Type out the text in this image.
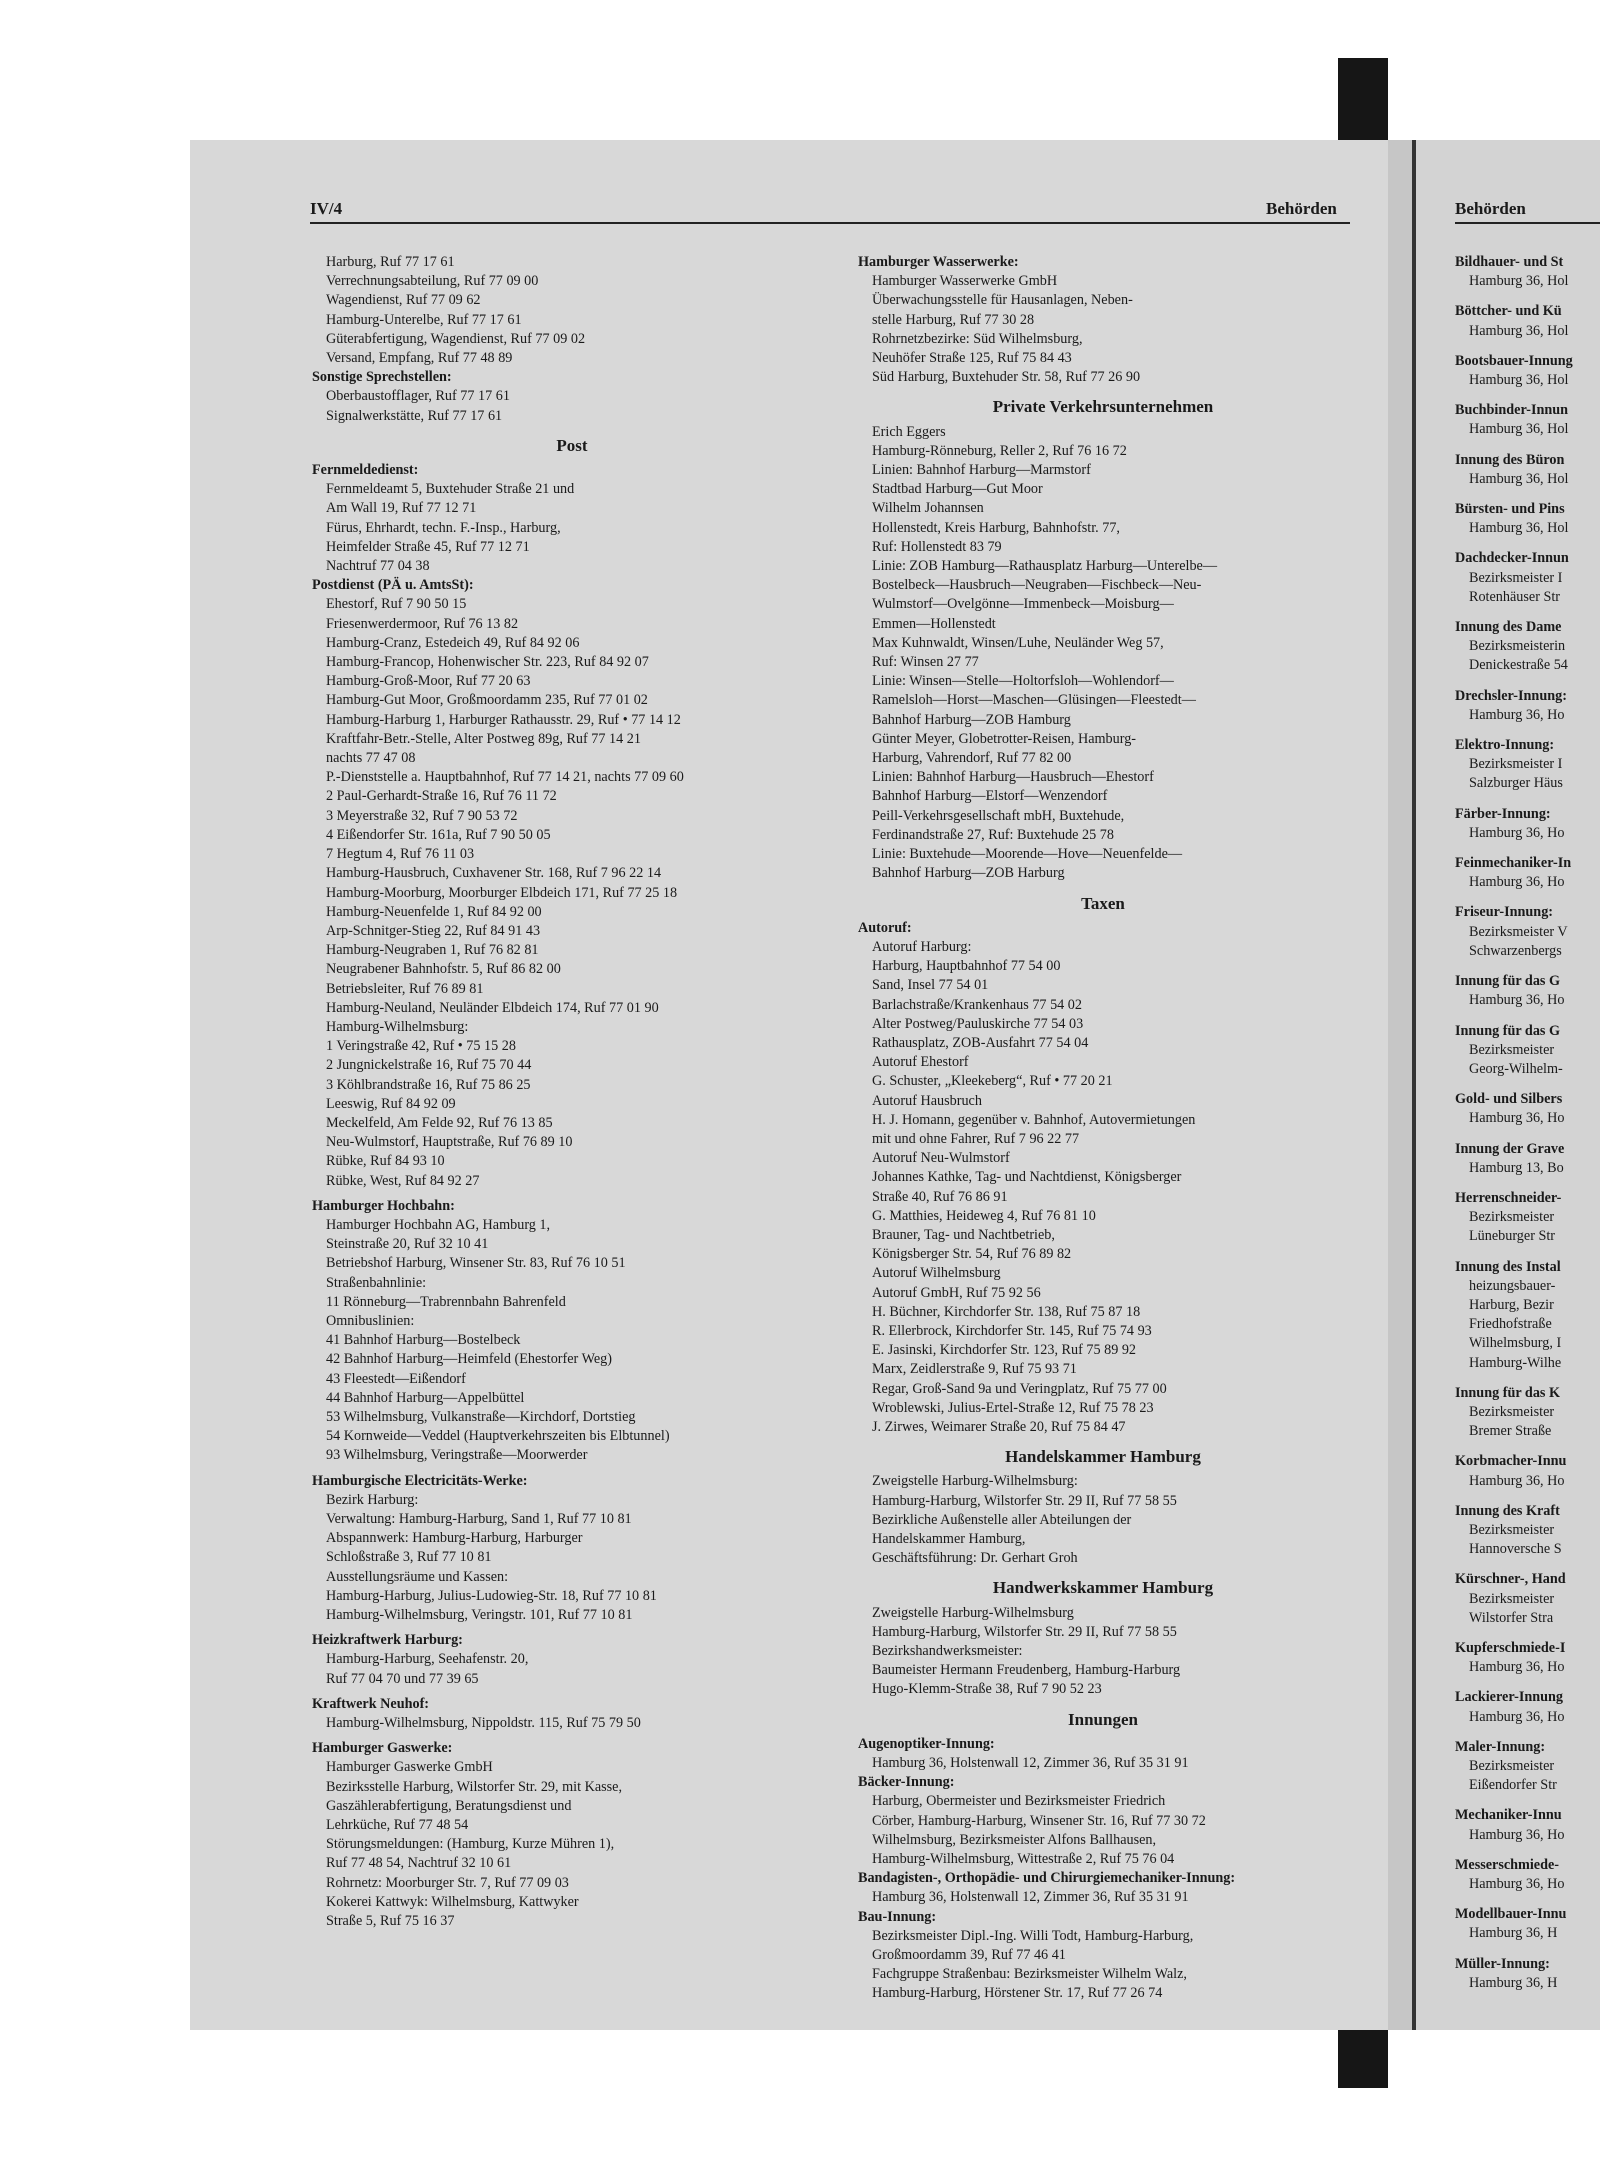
IV/4	Behörden	Behörden
Harburg, Ruf 77 17 61
Verrechnungsabteilung, Ruf 77 09 00
Wagendienst, Ruf 77 09 62
Hamburg-Unterelbe, Ruf 77 17 61
Güterabfertigung, Wagendienst, Ruf 77 09 02
Versand, Empfang, Ruf 77 48 89
Sonstige Sprechstellen:
Oberbaustofflager, Ruf 77 17 61
Signalwerkstätte, Ruf 77 17 61
Post
Fernmeldedienst:
Fernmeldeamt 5, Buxtehuder Straße 21 und
Am Wall 19, Ruf 77 12 71
Fürus, Ehrhardt, techn. F.-Insp., Harburg,
Heimfelder Straße 45, Ruf 77 12 71
Nachtruf 77 04 38
Postdienst (PÄ u. AmtsSt):
Ehestorf, Ruf 7 90 50 15
Friesenwerdermoor, Ruf 76 13 82
Hamburg-Cranz, Estedeich 49, Ruf 84 92 06
Hamburg-Francop, Hohenwischer Str. 223, Ruf 84 92 07
Hamburg-Groß-Moor, Ruf 77 20 63
Hamburg-Gut Moor, Großmoordamm 235, Ruf 77 01 02
Hamburg-Harburg 1, Harburger Rathausstr. 29, Ruf • 77 14 12
Kraftfahr-Betr.-Stelle, Alter Postweg 89g, Ruf 77 14 21
nachts 77 47 08
P.-Dienststelle a. Hauptbahnhof, Ruf 77 14 21, nachts 77 09 60
2 Paul-Gerhardt-Straße 16, Ruf 76 11 72
3 Meyerstraße 32, Ruf 7 90 53 72
4 Eißendorfer Str. 161a, Ruf 7 90 50 05
7 Hegtum 4, Ruf 76 11 03
Hamburg-Hausbruch, Cuxhavener Str. 168, Ruf 7 96 22 14
Hamburg-Moorburg, Moorburger Elbdeich 171, Ruf 77 25 18
Hamburg-Neuenfelde 1, Ruf 84 92 00
Arp-Schnitger-Stieg 22, Ruf 84 91 43
Hamburg-Neugraben 1, Ruf 76 82 81
Neugrabener Bahnhofstr. 5, Ruf 86 82 00
Betriebsleiter, Ruf 76 89 81
Hamburg-Neuland, Neuländer Elbdeich 174, Ruf 77 01 90
Hamburg-Wilhelmsburg:
1 Veringstraße 42, Ruf • 75 15 28
2 Jungnickelstraße 16, Ruf 75 70 44
3 Köhlbrandstraße 16, Ruf 75 86 25
Leeswig, Ruf 84 92 09
Meckelfeld, Am Felde 92, Ruf 76 13 85
Neu-Wulmstorf, Hauptstraße, Ruf 76 89 10
Rübke, Ruf 84 93 10
Rübke, West, Ruf 84 92 27
Hamburger Hochbahn:
Hamburger Hochbahn AG, Hamburg 1,
Steinstraße 20, Ruf 32 10 41
Betriebshof Harburg, Winsener Str. 83, Ruf 76 10 51
Straßenbahnlinie:
11 Rönneburg—Trabrennbahn Bahrenfeld
Omnibuslinien:
41 Bahnhof Harburg—Bostelbeck
42 Bahnhof Harburg—Heimfeld (Ehestorfer Weg)
43 Fleestedt—Eißendorf
44 Bahnhof Harburg—Appelbüttel
53 Wilhelmsburg, Vulkanstraße—Kirchdorf, Dortstieg
54 Kornweide—Veddel (Hauptverkehrszeiten bis Elbtunnel)
93 Wilhelmsburg, Veringstraße—Moorwerder
Hamburgische Electricitäts-Werke:
Bezirk Harburg:
Verwaltung: Hamburg-Harburg, Sand 1, Ruf 77 10 81
Abspannwerk: Hamburg-Harburg, Harburger
Schloßstraße 3, Ruf 77 10 81
Ausstellungsräume und Kassen:
Hamburg-Harburg, Julius-Ludowieg-Str. 18, Ruf 77 10 81
Hamburg-Wilhelmsburg, Veringstr. 101, Ruf 77 10 81
Heizkraftwerk Harburg:
Hamburg-Harburg, Seehafenstr. 20,
Ruf 77 04 70 und 77 39 65
Kraftwerk Neuhof:
Hamburg-Wilhelmsburg, Nippoldstr. 115, Ruf 75 79 50
Hamburger Gaswerke:
Hamburger Gaswerke GmbH
Bezirksstelle Harburg, Wilstorfer Str. 29, mit Kasse,
Gaszählerabfertigung, Beratungsdienst und
Lehrküche, Ruf 77 48 54
Störungsmeldungen: (Hamburg, Kurze Mühren 1),
Ruf 77 48 54, Nachtruf 32 10 61
Rohrnetz: Moorburger Str. 7, Ruf 77 09 03
Kokerei Kattwyk: Wilhelmsburg, Kattwyker
Straße 5, Ruf 75 16 37
Hamburger Wasserwerke:
Hamburger Wasserwerke GmbH
Überwachungsstelle für Hausanlagen, Neben-
stelle Harburg, Ruf 77 30 28
Rohrnetzbezirke: Süd Wilhelmsburg,
Neuhöfer Straße 125, Ruf 75 84 43
Süd Harburg, Buxtehuder Str. 58, Ruf 77 26 90
Private Verkehrsunternehmen
Erich Eggers
Hamburg-Rönneburg, Reller 2, Ruf 76 16 72
Linien: Bahnhof Harburg—Marmstorf
Stadtbad Harburg—Gut Moor
Wilhelm Johannsen
Hollenstedt, Kreis Harburg, Bahnhofstr. 77,
Ruf: Hollenstedt 83 79
Linie: ZOB Hamburg—Rathausplatz Harburg—Unterelbe—
Bostelbeck—Hausbruch—Neugraben—Fischbeck—Neu-
Wulmstorf—Ovelgönne—Immenbeck—Moisburg—
Emmen—Hollenstedt
Max Kuhnwaldt, Winsen/Luhe, Neuländer Weg 57,
Ruf: Winsen 27 77
Linie: Winsen—Stelle—Holtorfsloh—Wohlendorf—
Ramelsloh—Horst—Maschen—Glüsingen—Fleestedt—
Bahnhof Harburg—ZOB Hamburg
Günter Meyer, Globetrotter-Reisen, Hamburg-
Harburg, Vahrendorf, Ruf 77 82 00
Linien: Bahnhof Harburg—Hausbruch—Ehestorf
Bahnhof Harburg—Elstorf—Wenzendorf
Peill-Verkehrsgesellschaft mbH, Buxtehude,
Ferdinandstraße 27, Ruf: Buxtehude 25 78
Linie: Buxtehude—Moorende—Hove—Neuenfelde—
Bahnhof Harburg—ZOB Harburg
Taxen
Autoruf:
Autoruf Harburg:
Harburg, Hauptbahnhof 77 54 00
Sand, Insel 77 54 01
Barlachstraße/Krankenhaus 77 54 02
Alter Postweg/Pauluskirche 77 54 03
Rathausplatz, ZOB-Ausfahrt 77 54 04
Autoruf Ehestorf
G. Schuster, „Kleekeberg“, Ruf • 77 20 21
Autoruf Hausbruch
H. J. Homann, gegenüber v. Bahnhof, Autovermietungen
mit und ohne Fahrer, Ruf 7 96 22 77
Autoruf Neu-Wulmstorf
Johannes Kathke, Tag- und Nachtdienst, Königsberger
Straße 40, Ruf 76 86 91
G. Matthies, Heideweg 4, Ruf 76 81 10
Brauner, Tag- und Nachtbetrieb,
Königsberger Str. 54, Ruf 76 89 82
Autoruf Wilhelmsburg
Autoruf GmbH, Ruf 75 92 56
H. Büchner, Kirchdorfer Str. 138, Ruf 75 87 18
R. Ellerbrock, Kirchdorfer Str. 145, Ruf 75 74 93
E. Jasinski, Kirchdorfer Str. 123, Ruf 75 89 92
Marx, Zeidlerstraße 9, Ruf 75 93 71
Regar, Groß-Sand 9a und Veringplatz, Ruf 75 77 00
Wroblewski, Julius-Ertel-Straße 12, Ruf 75 78 23
J. Zirwes, Weimarer Straße 20, Ruf 75 84 47
Handelskammer Hamburg
Zweigstelle Harburg-Wilhelmsburg:
Hamburg-Harburg, Wilstorfer Str. 29 II, Ruf 77 58 55
Bezirkliche Außenstelle aller Abteilungen der
Handelskammer Hamburg,
Geschäftsführung: Dr. Gerhart Groh
Handwerkskammer Hamburg
Zweigstelle Harburg-Wilhelmsburg
Hamburg-Harburg, Wilstorfer Str. 29 II, Ruf 77 58 55
Bezirkshandwerksmeister:
Baumeister Hermann Freudenberg, Hamburg-Harburg
Hugo-Klemm-Straße 38, Ruf 7 90 52 23
Innungen
Augenoptiker-Innung:
Hamburg 36, Holstenwall 12, Zimmer 36, Ruf 35 31 91
Bäcker-Innung:
Harburg, Obermeister und Bezirksmeister Friedrich
Cörber, Hamburg-Harburg, Winsener Str. 16, Ruf 77 30 72
Wilhelmsburg, Bezirksmeister Alfons Ballhausen,
Hamburg-Wilhelmsburg, Wittestraße 2, Ruf 75 76 04
Bandagisten-, Orthopädie- und Chirurgiemechaniker-Innung:
Hamburg 36, Holstenwall 12, Zimmer 36, Ruf 35 31 91
Bau-Innung:
Bezirksmeister Dipl.-Ing. Willi Todt, Hamburg-Harburg,
Großmoordamm 39, Ruf 77 46 41
Fachgruppe Straßenbau: Bezirksmeister Wilhelm Walz,
Hamburg-Harburg, Hörstener Str. 17, Ruf 77 26 74
Bildhauer- und St
Hamburg 36, Hol
Böttcher- und Kü
Hamburg 36, Hol
Bootsbauer-Innung
Hamburg 36, Hol
Buchbinder-Innun
Hamburg 36, Hol
Innung des Büron
Hamburg 36, Hol
Bürsten- und Pins
Hamburg 36, Hol
Dachdecker-Innun
Bezirksmeister I
Rotenhäuser Str
Innung des Dame
Bezirksmeisterin
Denickestraße 54
Drechsler-Innung:
Hamburg 36, Ho
Elektro-Innung:
Bezirksmeister I
Salzburger Häus
Färber-Innung:
Hamburg 36, Ho
Feinmechaniker-In
Hamburg 36, Ho
Friseur-Innung:
Bezirksmeister V
Schwarzenbergs
Innung für das G
Hamburg 36, Ho
Innung für das G
Bezirksmeister
Georg-Wilhelm-
Gold- und Silbers
Hamburg 36, Ho
Innung der Grave
Hamburg 13, Bo
Herrenschneider-
Bezirksmeister
Lüneburger Str
Innung des Instal
heizungsbauer-
Harburg, Bezir
Friedhofstraße
Wilhelmsburg, I
Hamburg-Wilhe
Innung für das K
Bezirksmeister
Bremer Straße
Korbmacher-Innu
Hamburg 36, Ho
Innung des Kraft
Bezirksmeister
Hannoversche S
Kürschner-, Hand
Bezirksmeister
Wilstorfer Stra
Kupferschmiede-I
Hamburg 36, Ho
Lackierer-Innung
Hamburg 36, Ho
Maler-Innung:
Bezirksmeister
Eißendorfer Str
Mechaniker-Innu
Hamburg 36, Ho
Messerschmiede-
Hamburg 36, Ho
Modellbauer-Innu
Hamburg 36, H
Müller-Innung:
Hamburg 36, H
